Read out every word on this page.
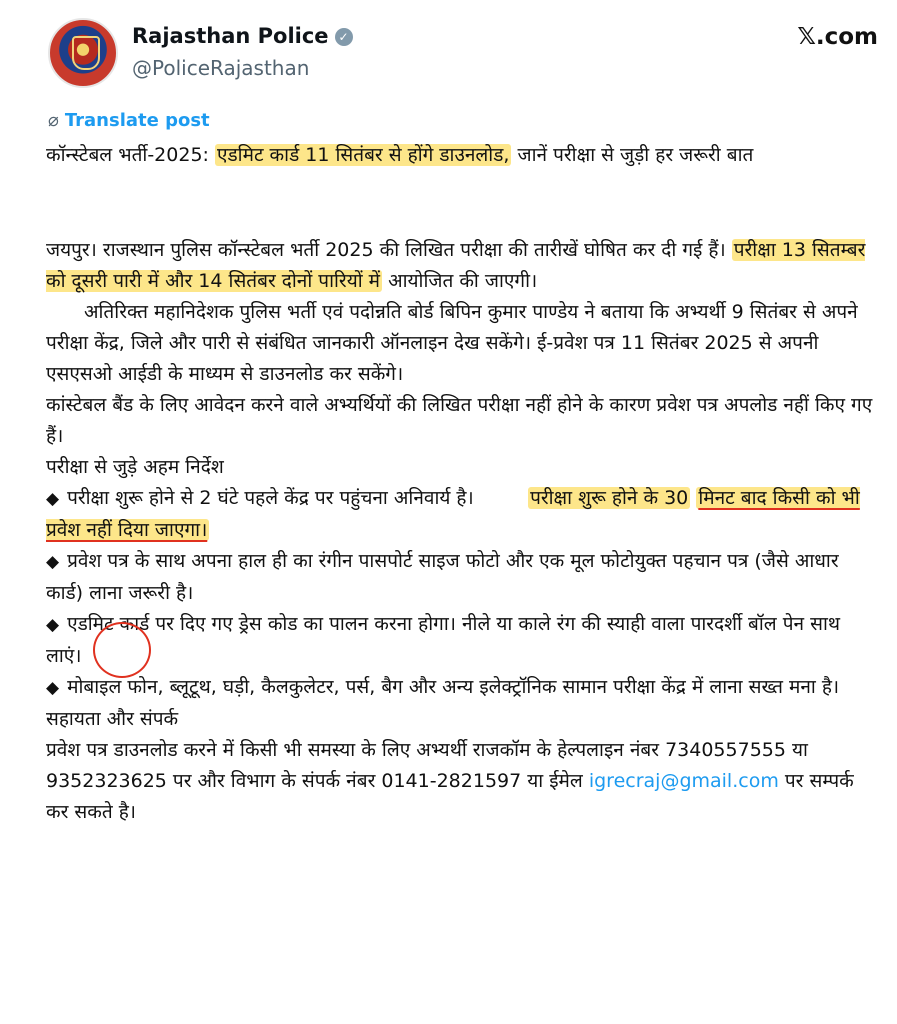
Rajasthan Police ✓
@PoliceRajasthan
𝕏.com
⌀ Translate post

कॉन्स्टेबल भर्ती-2025: एडमिट कार्ड 11 सितंबर से होंगे डाउनलोड, जानें परीक्षा से जुड़ी हर जरूरी बात

जयपुर। राजस्थान पुलिस कॉन्स्टेबल भर्ती 2025 की लिखित परीक्षा की तारीखें घोषित कर दी गई हैं। परीक्षा 13 सितम्बर को दूसरी पारी में और 14 सितंबर दोनों पारियों में आयोजित की जाएगी।

अतिरिक्त महानिदेशक पुलिस भर्ती एवं पदोन्नति बोर्ड बिपिन कुमार पाण्डेय ने बताया कि अभ्यर्थी 9 सितंबर से अपने परीक्षा केंद्र, जिले और पारी से संबंधित जानकारी ऑनलाइन देख सकेंगे। ई-प्रवेश पत्र 11 सितंबर 2025 से अपनी एसएसओ आईडी के माध्यम से डाउनलोड कर सकेंगे।

कांस्टेबल बैंड के लिए आवेदन करने वाले अभ्यर्थियों की लिखित परीक्षा नहीं होने के कारण प्रवेश पत्र अपलोड नहीं किए गए हैं।

परीक्षा से जुड़े अहम निर्देश

◆ परीक्षा शुरू होने से 2 घंटे पहले केंद्र पर पहुंचना अनिवार्य है।	परीक्षा शुरू होने के 30 मिनट बाद किसी को भी प्रवेश नहीं दिया जाएगा।

◆ प्रवेश पत्र के साथ अपना हाल ही का रंगीन पासपोर्ट साइज फोटो और एक मूल फोटोयुक्त पहचान पत्र (जैसे आधार कार्ड) लाना जरूरी है।

◆ एडमिट कार्ड पर दिए गए ड्रेस कोड का पालन करना होगा। नीले या काले रंग की स्याही वाला पारदर्शी बॉल पेन साथ लाएं।

◆ मोबाइल फोन, ब्लूटूथ, घड़ी, कैलकुलेटर, पर्स, बैग और अन्य इलेक्ट्रॉनिक सामान परीक्षा केंद्र में लाना सख्त मना है।

सहायता और संपर्क

प्रवेश पत्र डाउनलोड करने में किसी भी समस्या के लिए अभ्यर्थी राजकॉम के हेल्पलाइन नंबर 7340557555 या 9352323625 पर और विभाग के संपर्क नंबर 0141-2821597 या ईमेल igrecraj@gmail.com पर सम्पर्क कर सकते है।
